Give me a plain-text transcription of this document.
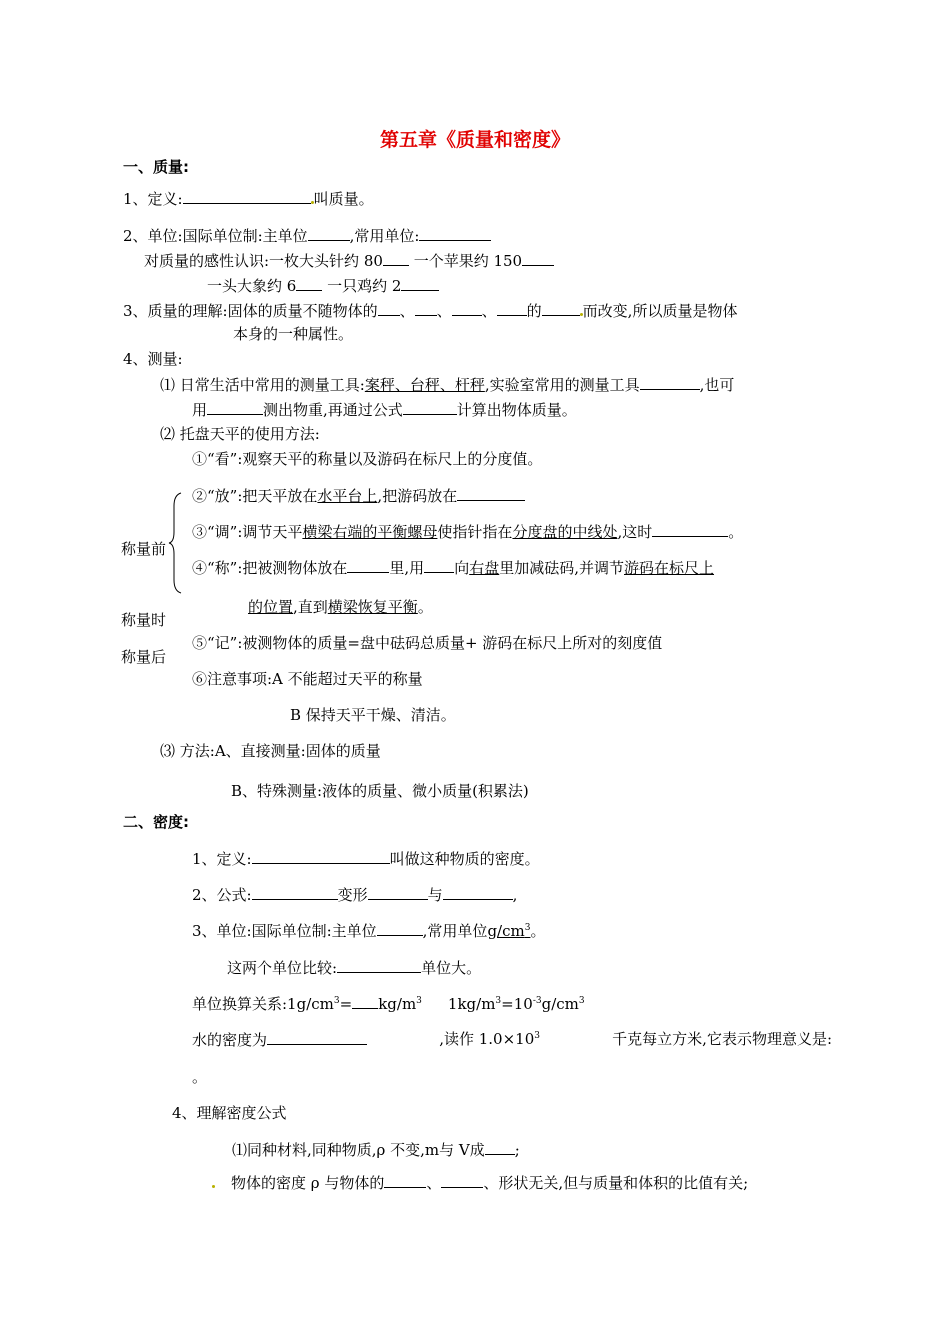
第五章《质量和密度》
一、质量:
1、定义:	叫质量。
2、单位:国际单位制:主单位	,常用单位:
对质量的感性认识:一枚大头针约 80 一个苹果约 150
一头大象约 6 一只鸡约 2
3、质量的理解:固体的质量不随物体的 、 、 、 的	而改变,所以质量是物体
本身的一种属性。
4、测量:
⑴ 日常生活中常用的测量工具:案秤、台秤、杆秤,实验室常用的测量工具	,也可
用	测出物重,再通过公式	计算出物体质量。
⑵ 托盘天平的使用方法:
①“看”:观察天平的称量以及游码在标尺上的分度值。
②“放”:把天平放在水平台上,把游码放在
③“调”:调节天平横梁右端的平衡螺母使指针指在分度盘的中线处,这时	。
④“称”:把被测物体放在	里,用 向右盘里加减砝码,并调节游码在标尺上
的位置,直到横梁恢复平衡。
称量前
称量时
称量后
⑤“记”:被测物体的质量=盘中砝码总质量+ 游码在标尺上所对的刻度值
⑥注意事项:A 不能超过天平的称量
B 保持天平干燥、清洁。
⑶ 方法:A、直接测量:固体的质量
B、特殊测量:液体的质量、微小质量(积累法)
二、密度:
1、定义:	叫做这种物质的密度。
2、公式:	变形	与	,
3、单位:国际单位制:主单位	,常用单位$g/cm^3$。
这两个单位比较:	单位大。
单位换算关系$:1g/cm^3= kg/m^3$ $1kg/m^3=10^{-3}g/cm^3$
水的密度为	,读作 $1.0\times 10^3$	千克每立方米,它表示物理意义是:
。
4、理解密度公式
⑴同种材料,同种物质,ρ 不变,m与 V成 ;
物体的密度 ρ 与物体的	、	、形状无关,但与质量和体积的比值有关;
